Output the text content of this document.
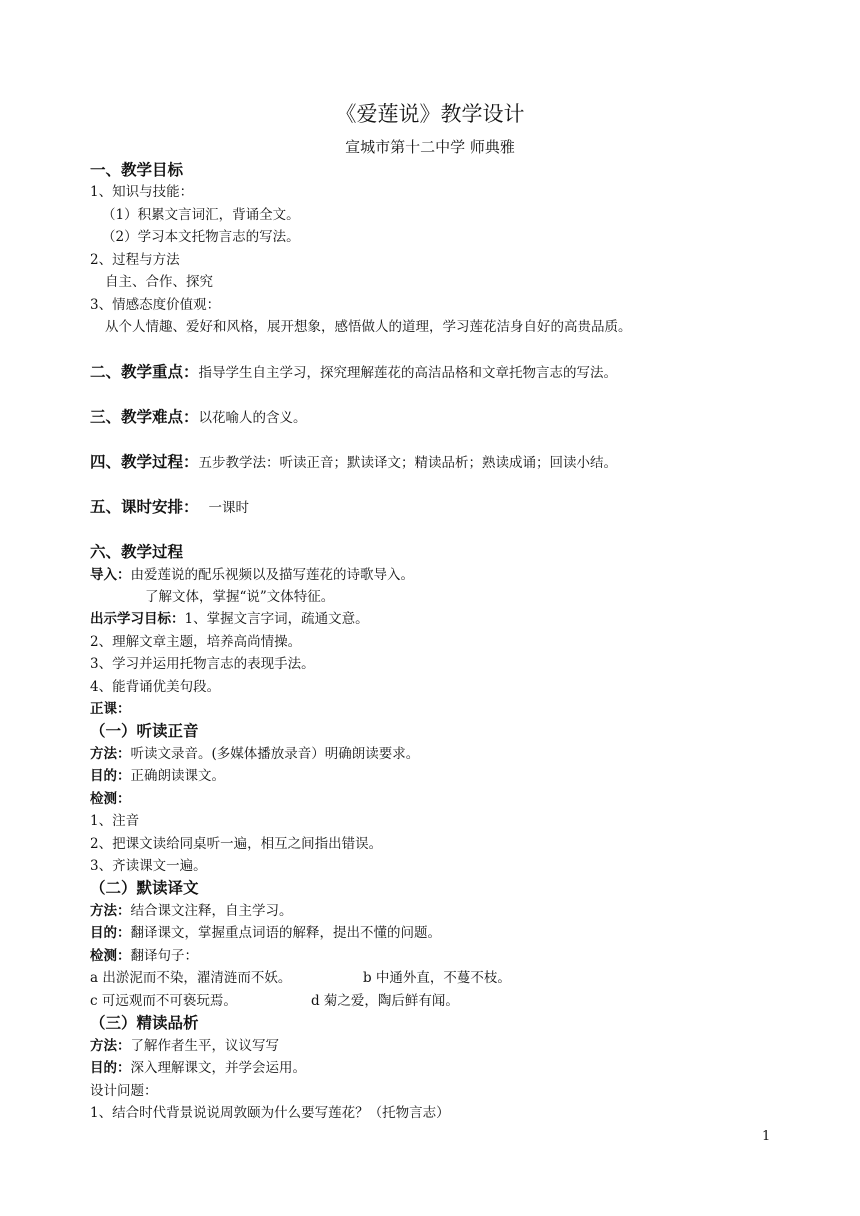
《爱莲说》教学设计
宣城市第十二中学 师典雅
一、教学目标
1、知识与技能：
（1）积累文言词汇，背诵全文。
（2）学习本文托物言志的写法。
2、过程与方法
自主、合作、探究
3、情感态度价值观：
从个人情趣、爱好和风格，展开想象，感悟做人的道理，学习莲花洁身自好的高贵品质。
二、教学重点：指导学生自主学习，探究理解莲花的高洁品格和文章托物言志的写法。
三、教学难点：以花喻人的含义。
四、教学过程：五步教学法：听读正音；默读译文；精读品析；熟读成诵；回读小结。
五、课时安排： 一课时
六、教学过程
导入：由爱莲说的配乐视频以及描写莲花的诗歌导入。
了解文体，掌握“说”文体特征。
出示学习目标：1、掌握文言字词，疏通文意。
2、理解文章主题，培养高尚情操。
3、学习并运用托物言志的表现手法。
4、能背诵优美句段。
正课：
（一）听读正音
方法：听读文录音。(多媒体播放录音）明确朗读要求。
目的：正确朗读课文。
检测：
1、注音
2、把课文读给同桌听一遍，相互之间指出错误。
3、齐读课文一遍。
（二）默读译文
方法：结合课文注释，自主学习。
目的：翻译课文，掌握重点词语的解释，提出不懂的问题。
检测：翻译句子：
a 出淤泥而不染，濯清涟而不妖。	b 中通外直，不蔓不枝。
c 可远观而不可亵玩焉。	d 菊之爱，陶后鲜有闻。
（三）精读品析
方法：了解作者生平，议议写写
目的：深入理解课文，并学会运用。
设计问题：
1、结合时代背景说说周敦颐为什么要写莲花？（托物言志）
1
